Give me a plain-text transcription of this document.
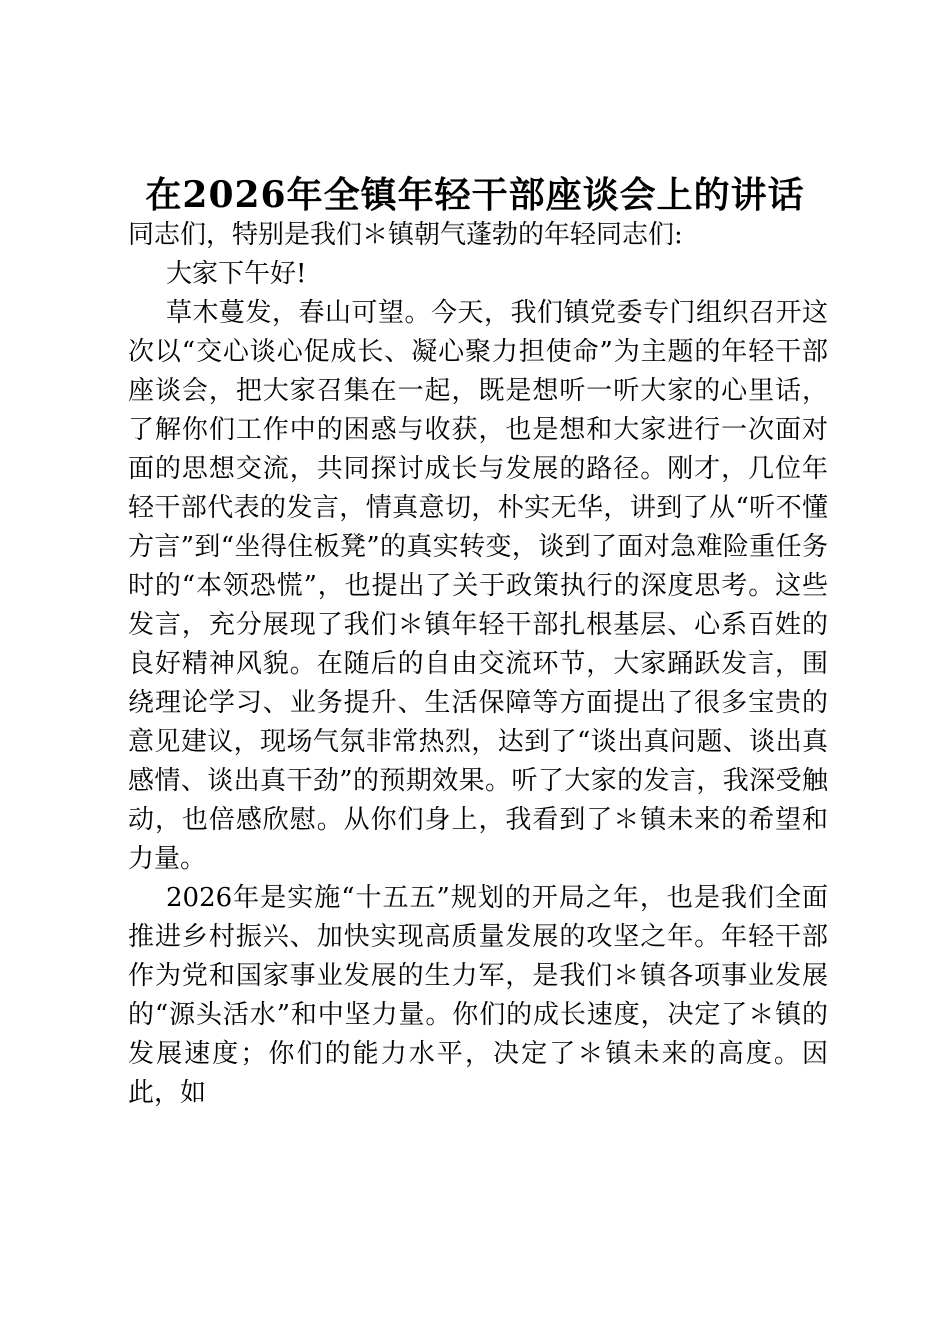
在2026年全镇年轻干部座谈会上的讲话

同志们，特别是我们＊镇朝气蓬勃的年轻同志们:

大家下午好!

草木蔓发，春山可望。今天，我们镇党委专门组织召开这次以“交心谈心促成长、凝心聚力担使命”为主题的年轻干部座谈会，把大家召集在一起，既是想听一听大家的心里话，了解你们工作中的困惑与收获，也是想和大家进行一次面对面的思想交流，共同探讨成长与发展的路径。刚才，几位年轻干部代表的发言，情真意切，朴实无华，讲到了从“听不懂方言”到“坐得住板凳”的真实转变，谈到了面对急难险重任务时的“本领恐慌”，也提出了关于政策执行的深度思考。这些发言，充分展现了我们＊镇年轻干部扎根基层、心系百姓的良好精神风貌。在随后的自由交流环节，大家踊跃发言，围绕理论学习、业务提升、生活保障等方面提出了很多宝贵的意见建议，现场气氛非常热烈，达到了“谈出真问题、谈出真感情、谈出真干劲”的预期效果。听了大家的发言，我深受触动，也倍感欣慰。从你们身上，我看到了＊镇未来的希望和力量。

2026年是实施“十五五”规划的开局之年，也是我们全面推进乡村振兴、加快实现高质量发展的攻坚之年。年轻干部作为党和国家事业发展的生力军，是我们＊镇各项事业发展的“源头活水”和中坚力量。你们的成长速度，决定了＊镇的发展速度；你们的能力水平，决定了＊镇未来的高度。因此，如
